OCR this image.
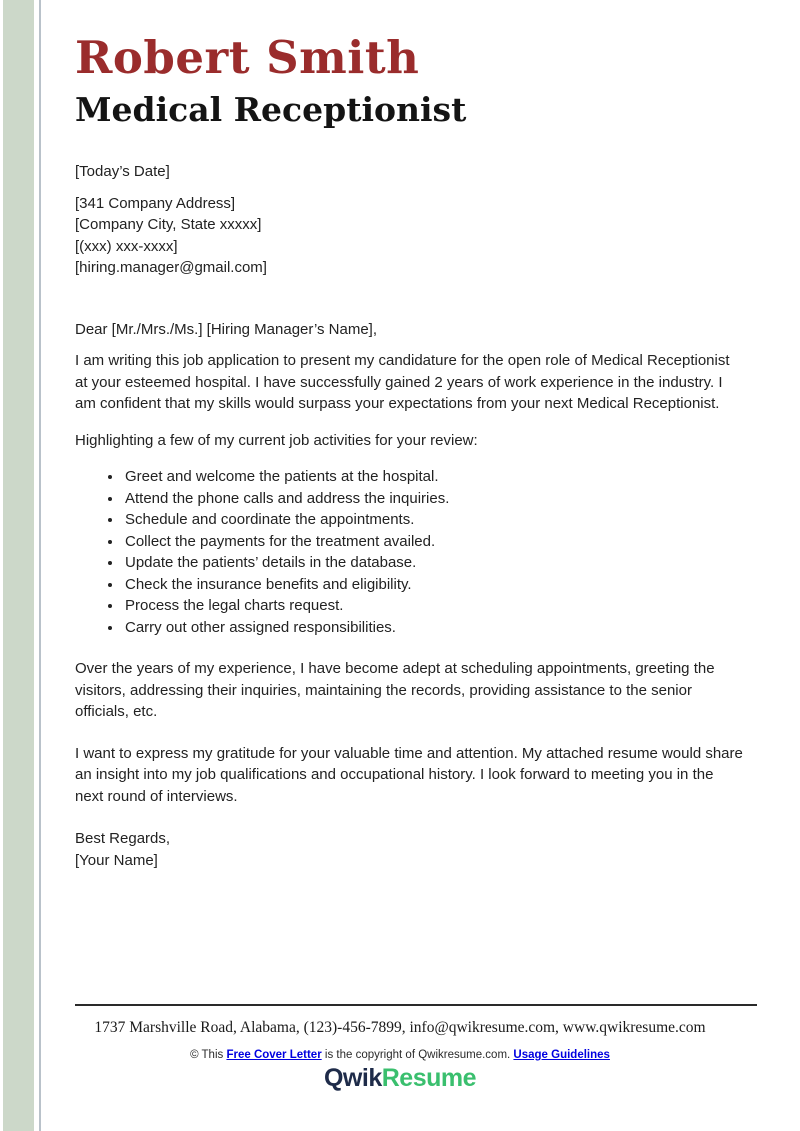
Robert Smith
Medical Receptionist
[Today’s Date]
[341 Company Address]
[Company City, State xxxxx]
[(xxx) xxx-xxxx]
[hiring.manager@gmail.com]
Dear [Mr./Mrs./Ms.] [Hiring Manager’s Name],

I am writing this job application to present my candidature for the open role of Medical Receptionist at your esteemed hospital. I have successfully gained 2 years of work experience in the industry. I am confident that my skills would surpass your expectations from your next Medical Receptionist.

Highlighting a few of my current job activities for your review:

• Greet and welcome the patients at the hospital.
• Attend the phone calls and address the inquiries.
• Schedule and coordinate the appointments.
• Collect the payments for the treatment availed.
• Update the patients’ details in the database.
• Check the insurance benefits and eligibility.
• Process the legal charts request.
• Carry out other assigned responsibilities.

Over the years of my experience, I have become adept at scheduling appointments, greeting the visitors, addressing their inquiries, maintaining the records, providing assistance to the senior officials, etc.

I want to express my gratitude for your valuable time and attention. My attached resume would share an insight into my job qualifications and occupational history. I look forward to meeting you in the next round of interviews.

Best Regards,
[Your Name]
1737 Marshville Road, Alabama, (123)-456-7899, info@qwikresume.com, www.qwikresume.com
© This Free Cover Letter is the copyright of Qwikresume.com. Usage Guidelines
QwikResume
